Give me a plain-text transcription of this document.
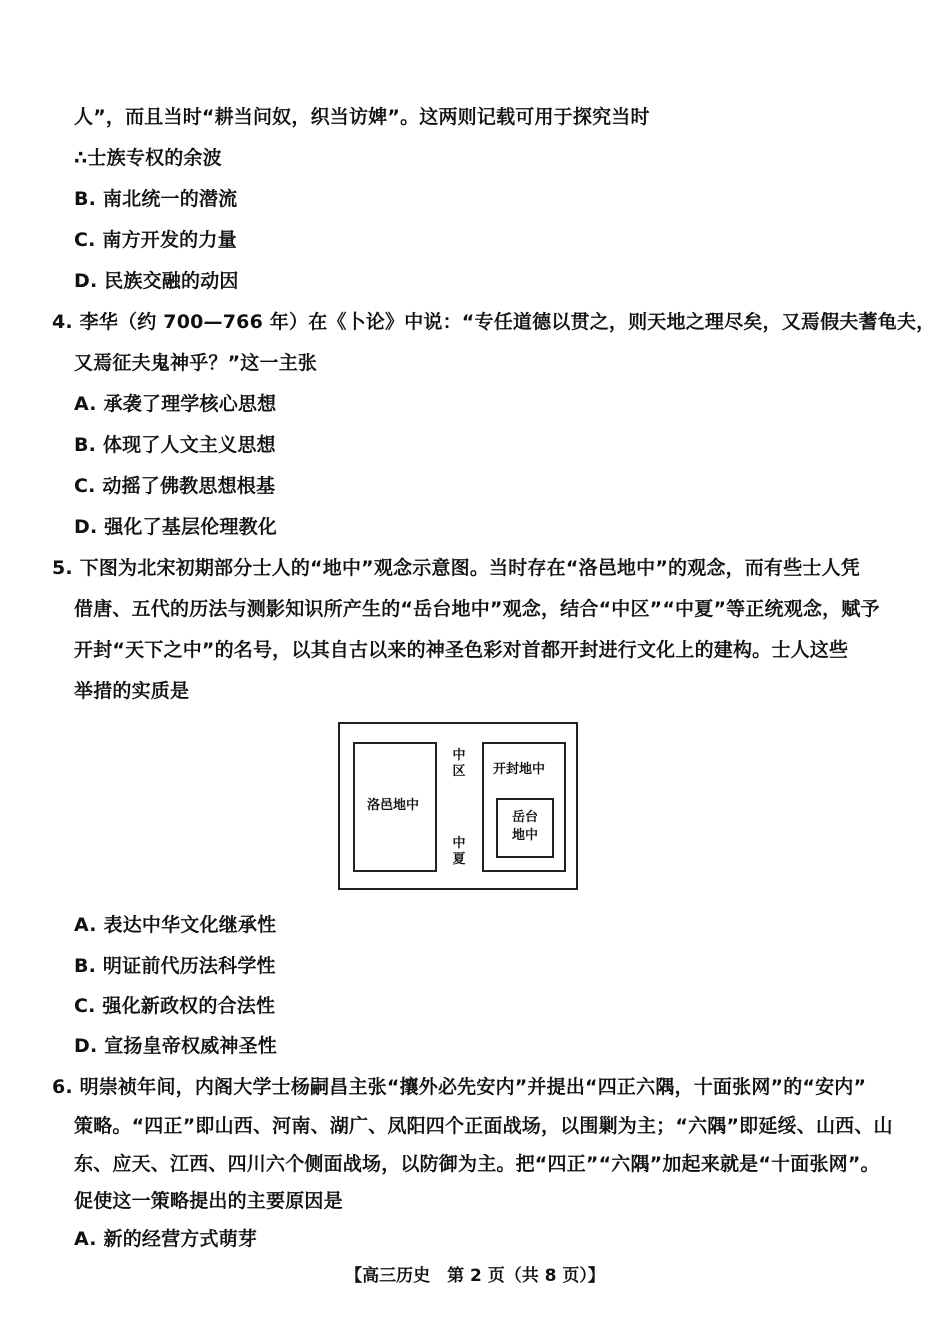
人”，而且当时“耕当问奴，织当访婢”。这两则记载可用于探究当时
∴士族专权的余波
B. 南北统一的潜流
C. 南方开发的力量
D. 民族交融的动因
4. 李华（约 700—766 年）在《卜论》中说：“专任道德以贯之，则天地之理尽矣，又焉假夫蓍龟夫，
又焉征夫鬼神乎？”这一主张
A. 承袭了理学核心思想
B. 体现了人文主义思想
C. 动摇了佛教思想根基
D. 强化了基层伦理教化
5. 下图为北宋初期部分士人的“地中”观念示意图。当时存在“洛邑地中”的观念，而有些士人凭
借唐、五代的历法与测影知识所产生的“岳台地中”观念，结合“中区”“中夏”等正统观念，赋予
开封“天下之中”的名号，以其自古以来的神圣色彩对首都开封进行文化上的建构。士人这些
举措的实质是
洛邑地中
中区
中夏
开封地中
岳台
地中
A. 表达中华文化继承性
B. 明证前代历法科学性
C. 强化新政权的合法性
D. 宣扬皇帝权威神圣性
6. 明崇祯年间，内阁大学士杨嗣昌主张“攘外必先安内”并提出“四正六隅，十面张网”的“安内”
策略。“四正”即山西、河南、湖广、凤阳四个正面战场，以围剿为主；“六隅”即延绥、山西、山
东、应天、江西、四川六个侧面战场，以防御为主。把“四正”“六隅”加起来就是“十面张网”。
促使这一策略提出的主要原因是
A. 新的经营方式萌芽
【高三历史　第 2 页（共 8 页）】
